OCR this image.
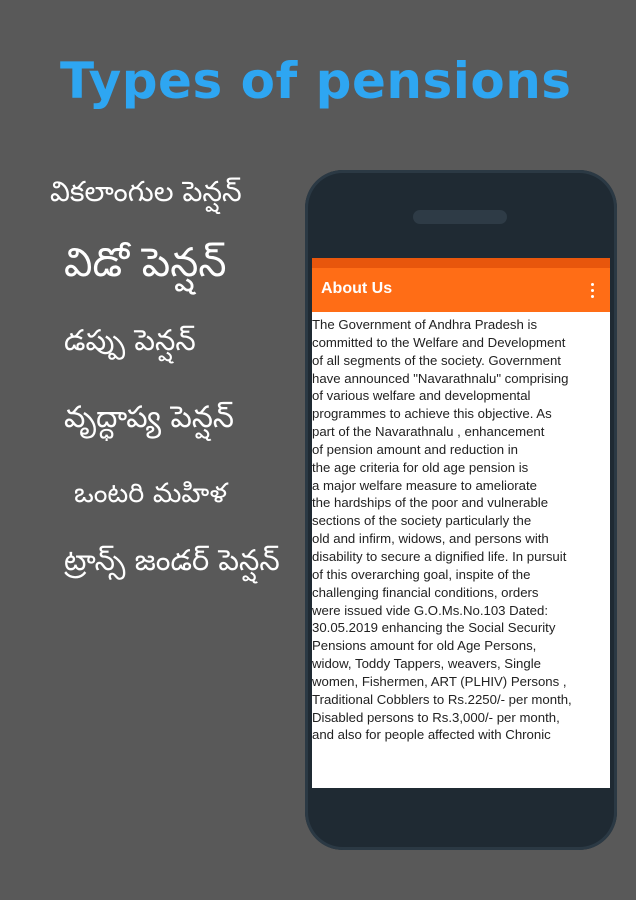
Types of pensions
వికలాంగుల పెన్షన్
విడో పెన్షన్
డప్పు పెన్షన్
వృద్ధాప్య పెన్షన్
ఒంటరి మహిళ
ట్రాన్స్ జండర్ పెన్షన్
About Us

The Government of Andhra Pradesh is
committed to the Welfare and Development
of all segments of the society. Government
have announced "Navarathnalu" comprising
of various welfare and developmental
programmes to achieve this objective. As
part of the Navarathnalu , enhancement
of pension amount and reduction in
the age criteria for old age pension is
a major welfare measure to ameliorate
the hardships of the poor and vulnerable
sections of the society particularly the
old and infirm, widows, and persons with
disability to secure a dignified life. In pursuit
of this overarching goal, inspite of the
challenging financial conditions, orders
were issued vide G.O.Ms.No.103 Dated:
30.05.2019 enhancing the Social Security
Pensions amount for old Age Persons,
widow, Toddy Tappers, weavers, Single
women, Fishermen, ART (PLHIV) Persons ,
Traditional Cobblers to Rs.2250/- per month,
Disabled persons to Rs.3,000/- per month,
and also for people affected with Chronic
